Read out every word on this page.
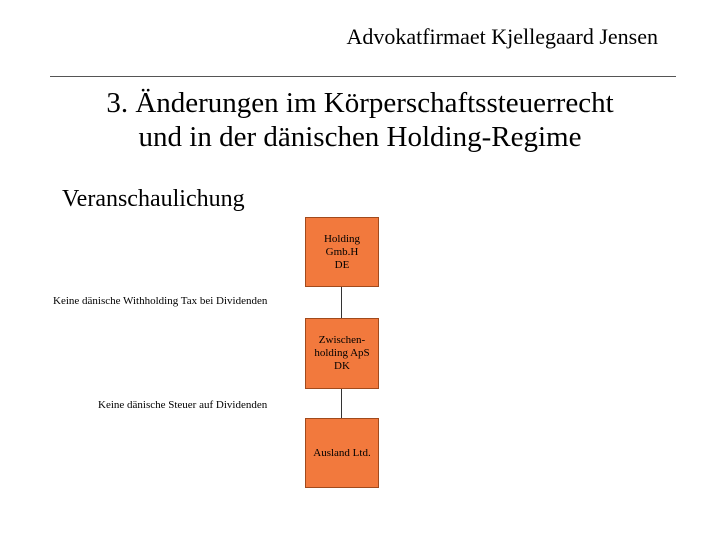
Advokatfirmaet Kjellegaard Jensen
3. Änderungen im Körperschaftssteuerrecht
und in der dänischen Holding-Regime
Veranschaulichung
Holding
Gmb.H
DE
Keine dänische Withholding Tax bei Dividenden
Zwischen-
holding ApS
DK
Keine dänische Steuer auf Dividenden
Ausland Ltd.
